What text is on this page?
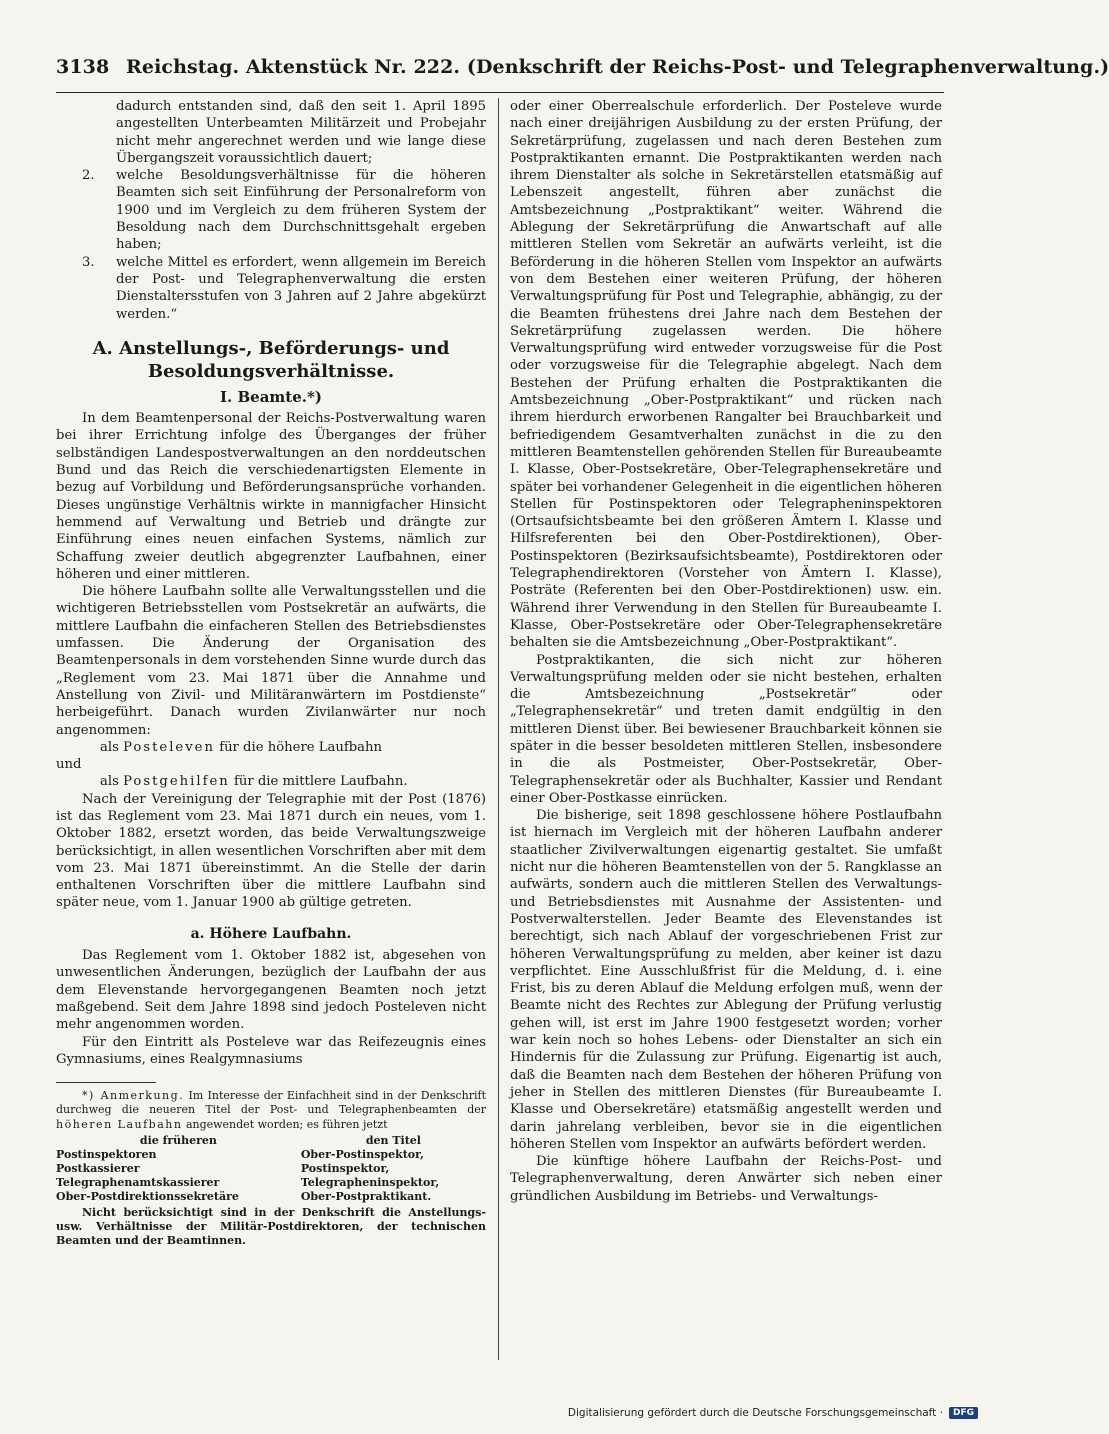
3138 Reichstag. Aktenstück Nr. 222. (Denkschrift der Reichs-Post- und Telegraphenverwaltung.)
dadurch entstanden sind, daß den seit 1. April 1895 angestellten Unterbeamten Militärzeit und Probejahr nicht mehr angerechnet werden und wie lange diese Übergangszeit voraussichtlich dauert;
2. welche Besoldungsverhältnisse für die höheren Beamten sich seit Einführung der Personalreform von 1900 und im Vergleich zu dem früheren System der Besoldung nach dem Durchschnittsgehalt ergeben haben;
3. welche Mittel es erfordert, wenn allgemein im Bereich der Post- und Telegraphenverwaltung die ersten Dienstaltersstufen von 3 Jahren auf 2 Jahre abgekürzt werden.“
A. Anstellungs-, Beförderungs- und Besoldungsverhältnisse.
I. Beamte.*)

In dem Beamtenpersonal der Reichs-Postverwaltung waren bei ihrer Errichtung infolge des Überganges der früher selbständigen Landespostverwaltungen an den norddeutschen Bund und das Reich die verschiedenartigsten Elemente in bezug auf Vorbildung und Beförderungsansprüche vorhanden. Dieses ungünstige Verhältnis wirkte in mannigfacher Hinsicht hemmend auf Verwaltung und Betrieb und drängte zur Einführung eines neuen einfachen Systems, nämlich zur Schaffung zweier deutlich abgegrenzter Laufbahnen, einer höheren und einer mittleren.

Die höhere Laufbahn sollte alle Verwaltungsstellen und die wichtigeren Betriebsstellen vom Postsekretär an aufwärts, die mittlere Laufbahn die einfacheren Stellen des Betriebsdienstes umfassen. Die Änderung der Organisation des Beamtenpersonals in dem vorstehenden Sinne wurde durch das „Reglement vom 23. Mai 1871 über die Annahme und Anstellung von Zivil- und Militäranwärtern im Postdienste“ herbeigeführt. Danach wurden Zivilanwärter nur noch angenommen:

als Posteleven für die höhere Laufbahn

und

als Postgehilfen für die mittlere Laufbahn.

Nach der Vereinigung der Telegraphie mit der Post (1876) ist das Reglement vom 23. Mai 1871 durch ein neues, vom 1. Oktober 1882, ersetzt worden, das beide Verwaltungszweige berücksichtigt, in allen wesentlichen Vorschriften aber mit dem vom 23. Mai 1871 übereinstimmt. An die Stelle der darin enthaltenen Vorschriften über die mittlere Laufbahn sind später neue, vom 1. Januar 1900 ab gültige getreten.

a. Höhere Laufbahn.

Das Reglement vom 1. Oktober 1882 ist, abgesehen von unwesentlichen Änderungen, bezüglich der Laufbahn der aus dem Elevenstande hervorgegangenen Beamten noch jetzt maßgebend. Seit dem Jahre 1898 sind jedoch Posteleven nicht mehr angenommen worden.

Für den Eintritt als Posteleve war das Reifezeugnis eines Gymnasiums, eines Realgymnasiums

*) Anmerkung. Im Interesse der Einfachheit sind in der Denkschrift durchweg die neueren Titel der Post- und Telegraphenbeamten der höheren Laufbahn angewendet worden; es führen jetzt

die früheren	den Titel
Postinspektoren	Ober-Postinspektor,
Postkassierer	Postinspektor,
Telegraphenamtskassierer	Telegrapheninspektor,
Ober-Postdirektionssekretäre	Ober-Postpraktikant.

Nicht berücksichtigt sind in der Denkschrift die Anstellungs- usw. Verhältnisse der Militär-Postdirektoren, der technischen Beamten und der Beamtinnen.

oder einer Oberrealschule erforderlich. Der Posteleve wurde nach einer dreijährigen Ausbildung zu der ersten Prüfung, der Sekretärprüfung, zugelassen und nach deren Bestehen zum Postpraktikanten ernannt. Die Postpraktikanten werden nach ihrem Dienstalter als solche in Sekretärstellen etatsmäßig auf Lebenszeit angestellt, führen aber zunächst die Amtsbezeichnung „Postpraktikant“ weiter. Während die Ablegung der Sekretärprüfung die Anwartschaft auf alle mittleren Stellen vom Sekretär an aufwärts verleiht, ist die Beförderung in die höheren Stellen vom Inspektor an aufwärts von dem Bestehen einer weiteren Prüfung, der höheren Verwaltungsprüfung für Post und Telegraphie, abhängig, zu der die Beamten frühestens drei Jahre nach dem Bestehen der Sekretärprüfung zugelassen werden. Die höhere Verwaltungsprüfung wird entweder vorzugsweise für die Post oder vorzugsweise für die Telegraphie abgelegt. Nach dem Bestehen der Prüfung erhalten die Postpraktikanten die Amtsbezeichnung „Ober-Postpraktikant“ und rücken nach ihrem hierdurch erworbenen Rangalter bei Brauchbarkeit und befriedigendem Gesamtverhalten zunächst in die zu den mittleren Beamtenstellen gehörenden Stellen für Bureaubeamte I. Klasse, Ober-Postsekretäre, Ober-Telegraphensekretäre und später bei vorhandener Gelegenheit in die eigentlichen höheren Stellen für Postinspektoren oder Telegrapheninspektoren (Ortsaufsichtsbeamte bei den größeren Ämtern I. Klasse und Hilfsreferenten bei den Ober-Postdirektionen), Ober-Postinspektoren (Bezirksaufsichtsbeamte), Postdirektoren oder Telegraphendirektoren (Vorsteher von Ämtern I. Klasse), Posträte (Referenten bei den Ober-Postdirektionen) usw. ein. Während ihrer Verwendung in den Stellen für Bureaubeamte I. Klasse, Ober-Postsekretäre oder Ober-Telegraphensekretäre behalten sie die Amtsbezeichnung „Ober-Postpraktikant“.

Postpraktikanten, die sich nicht zur höheren Verwaltungsprüfung melden oder sie nicht bestehen, erhalten die Amtsbezeichnung „Postsekretär“ oder „Telegraphensekretär“ und treten damit endgültig in den mittleren Dienst über. Bei bewiesener Brauchbarkeit können sie später in die besser besoldeten mittleren Stellen, insbesondere in die als Postmeister, Ober-Postsekretär, Ober-Telegraphensekretär oder als Buchhalter, Kassier und Rendant einer Ober-Postkasse einrücken.

Die bisherige, seit 1898 geschlossene höhere Postlaufbahn ist hiernach im Vergleich mit der höheren Laufbahn anderer staatlicher Zivilverwaltungen eigenartig gestaltet. Sie umfaßt nicht nur die höheren Beamtenstellen von der 5. Rangklasse an aufwärts, sondern auch die mittleren Stellen des Verwaltungs- und Betriebsdienstes mit Ausnahme der Assistenten- und Postverwalterstellen. Jeder Beamte des Elevenstandes ist berechtigt, sich nach Ablauf der vorgeschriebenen Frist zur höheren Verwaltungsprüfung zu melden, aber keiner ist dazu verpflichtet. Eine Ausschlußfrist für die Meldung, d. i. eine Frist, bis zu deren Ablauf die Meldung erfolgen muß, wenn der Beamte nicht des Rechtes zur Ablegung der Prüfung verlustig gehen will, ist erst im Jahre 1900 festgesetzt worden; vorher war kein noch so hohes Lebens- oder Dienstalter an sich ein Hindernis für die Zulassung zur Prüfung. Eigenartig ist auch, daß die Beamten nach dem Bestehen der höheren Prüfung von jeher in Stellen des mittleren Dienstes (für Bureaubeamte I. Klasse und Obersekretäre) etatsmäßig angestellt werden und darin jahrelang verbleiben, bevor sie in die eigentlichen höheren Stellen vom Inspektor an aufwärts befördert werden.

Die künftige höhere Laufbahn der Reichs-Post- und Telegraphenverwaltung, deren Anwärter sich neben einer gründlichen Ausbildung im Betriebs- und Verwaltungs-

Digitalisierung gefördert durch die Deutsche Forschungsgemeinschaft ·	DFG
